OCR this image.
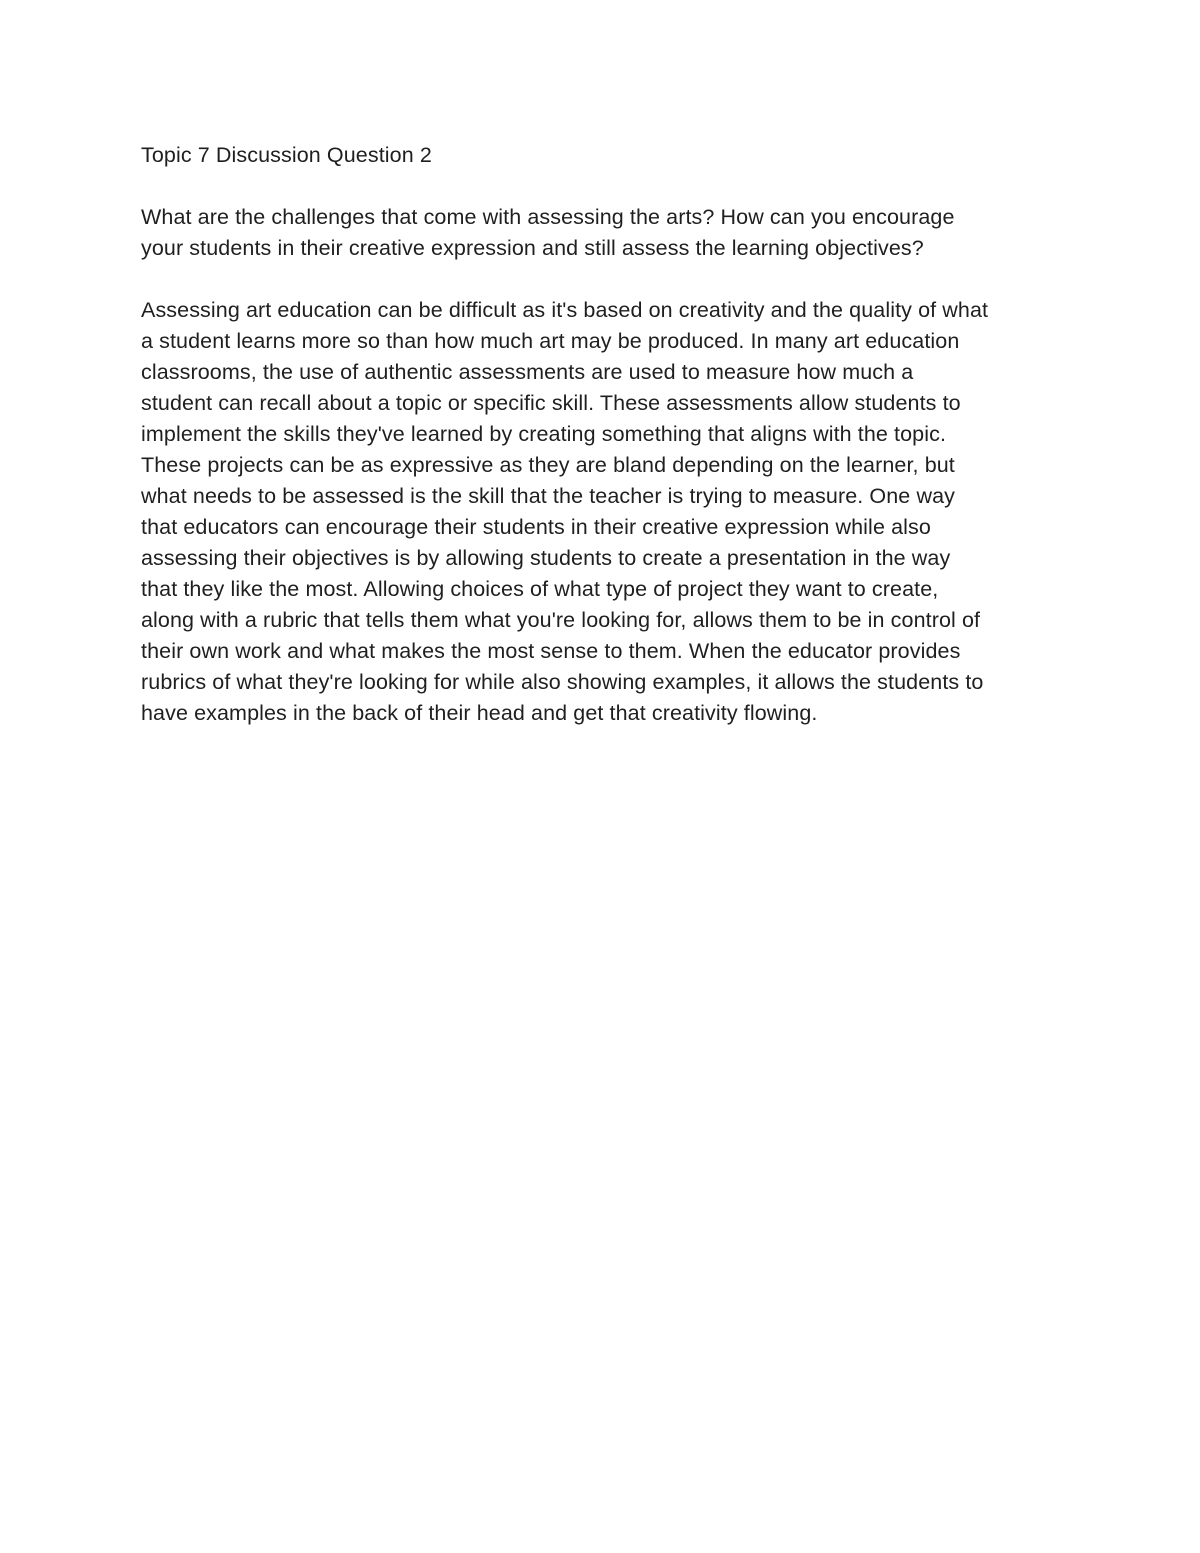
Topic 7 Discussion Question 2
What are the challenges that come with assessing the arts? How can you encourage
your students in their creative expression and still assess the learning objectives?
Assessing art education can be difficult as it's based on creativity and the quality of what
a student learns more so than how much art may be produced. In many art education
classrooms, the use of authentic assessments are used to measure how much a
student can recall about a topic or specific skill. These assessments allow students to
implement the skills they've learned by creating something that aligns with the topic.
These projects can be as expressive as they are bland depending on the learner, but
what needs to be assessed is the skill that the teacher is trying to measure. One way
that educators can encourage their students in their creative expression while also
assessing their objectives is by allowing students to create a presentation in the way
that they like the most. Allowing choices of what type of project they want to create,
along with a rubric that tells them what you're looking for, allows them to be in control of
their own work and what makes the most sense to them. When the educator provides
rubrics of what they're looking for while also showing examples, it allows the students to
have examples in the back of their head and get that creativity flowing.
